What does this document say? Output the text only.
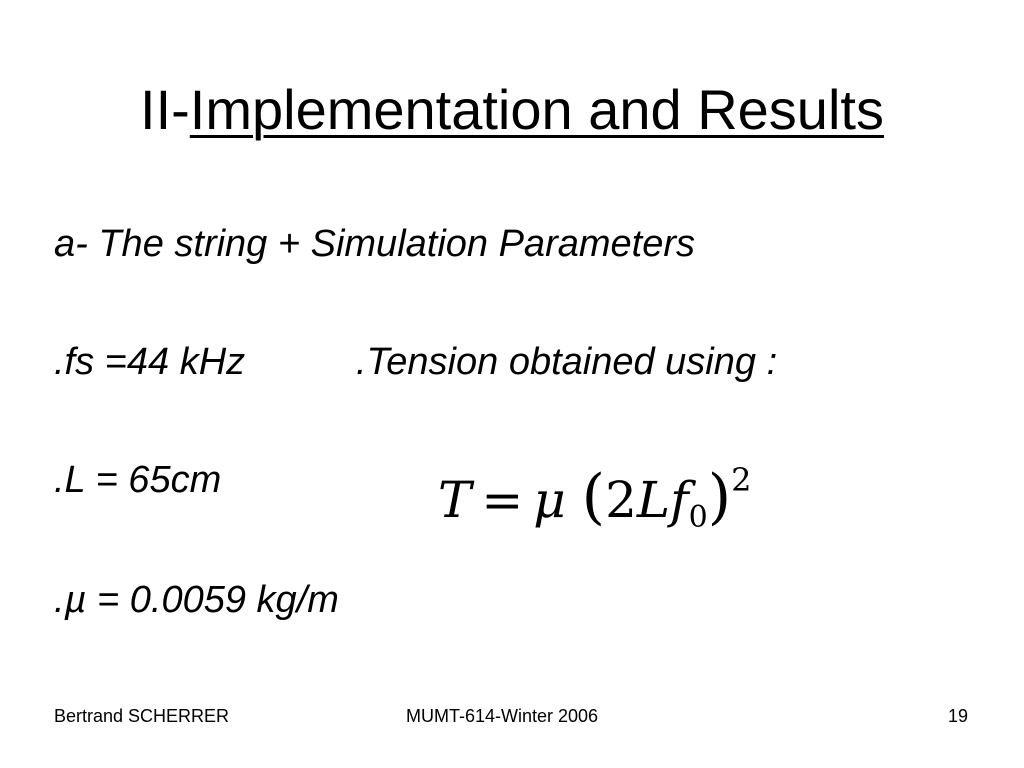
II-Implementation and Results
a- The string + Simulation Parameters
.fs =44 kHz	.Tension obtained using :
.L = 65cm
.µ = 0.0059 kg/m
T = μ $(2Lf_0)^2$
Bertrand SCHERRER	MUMT-614-Winter 2006	19
